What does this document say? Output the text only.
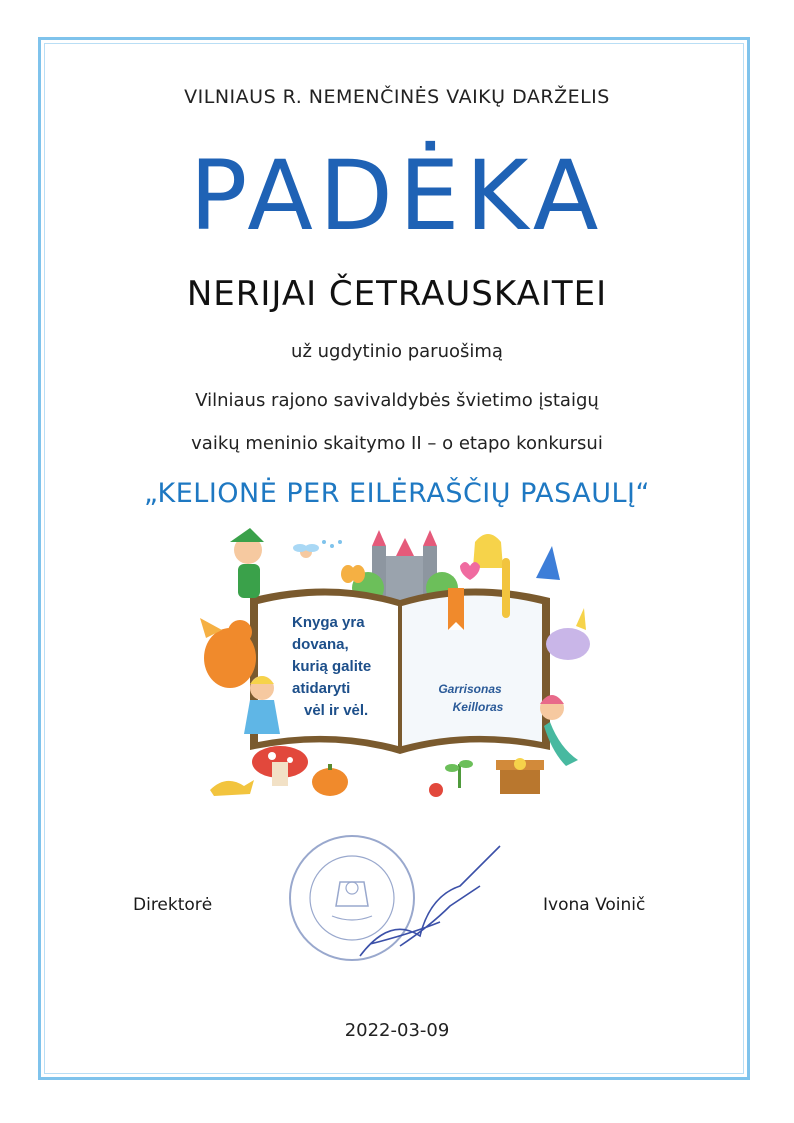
VILNIAUS R. NEMENČINĖS VAIKŲ DARŽELIS
PADĖKA
NERIJAI ČETRAUSKAITEI
už ugdytinio paruošimą
Vilniaus rajono savivaldybės švietimo įstaigų
vaikų meninio skaitymo II – o etapo konkursui
„KELIONĖ PER EILĖRAŠČIŲ PASAULĮ“
Knyga yra
dovana,
kurią galite
atidaryti
vėl ir vėl.
Garrisonas
Keilloras
Direktorė	Ivona Voinič
2022-03-09
